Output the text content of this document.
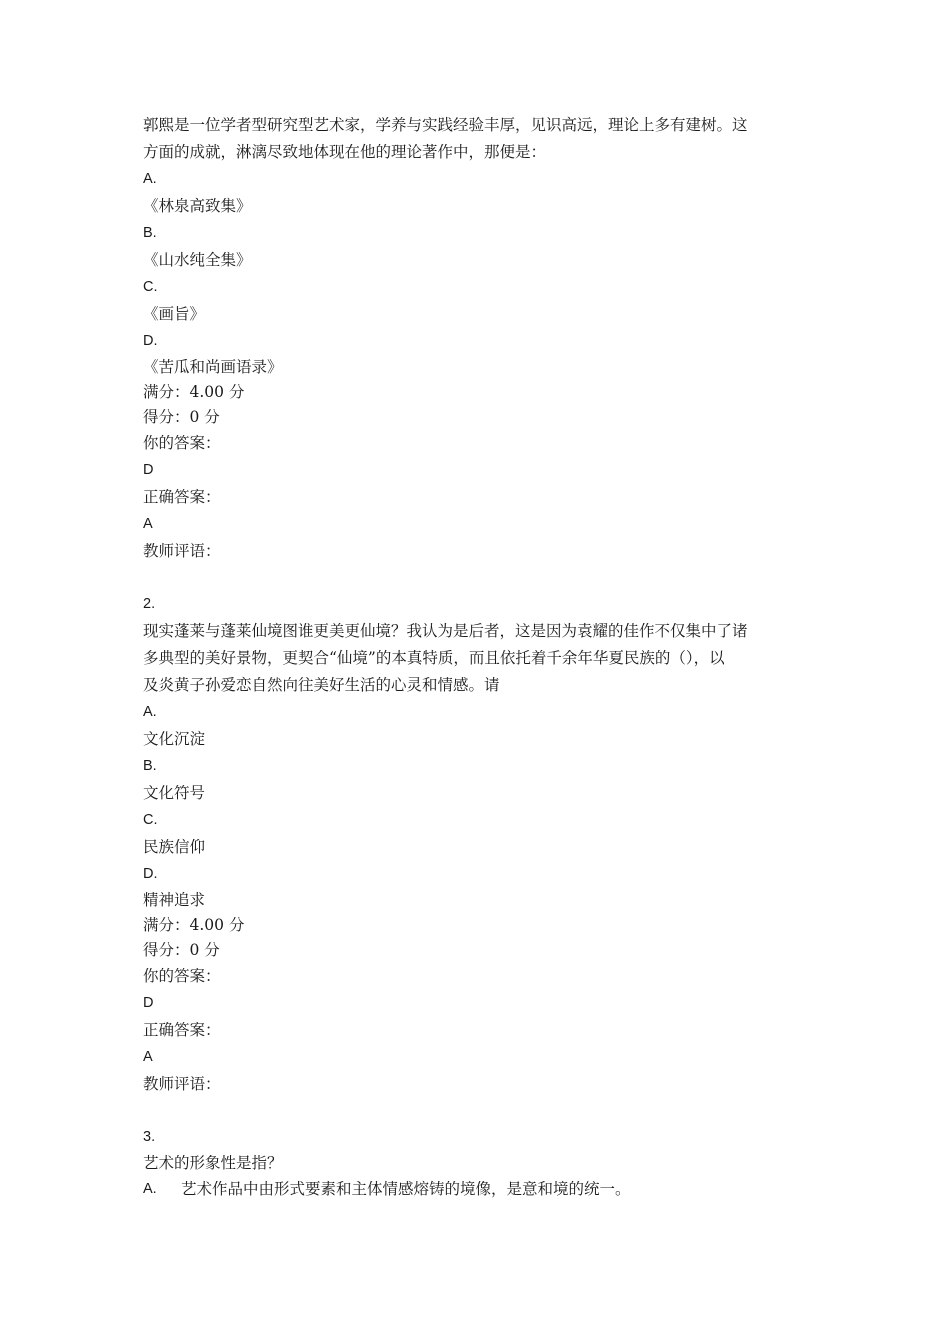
郭熙是一位学者型研究型艺术家，学养与实践经验丰厚，见识高远，理论上多有建树。这
方面的成就，淋漓尽致地体现在他的理论著作中，那便是：
A.
《林泉高致集》
B.
《山水纯全集》
C.
《画旨》
D.
《苦瓜和尚画语录》
满分：4.00 分
得分：0 分
你的答案：
D
正确答案：
A
教师评语：
2.
现实蓬莱与蓬莱仙境图谁更美更仙境？我认为是后者，这是因为袁耀的佳作不仅集中了诸
多典型的美好景物，更契合“仙境”的本真特质，而且依托着千余年华夏民族的（），以
及炎黄子孙爱恋自然向往美好生活的心灵和情感。请
A.
文化沉淀
B.
文化符号
C.
民族信仰
D.
精神追求
满分：4.00 分
得分：0 分
你的答案：
D
正确答案：
A
教师评语：
3.
艺术的形象性是指？
A.	艺术作品中由形式要素和主体情感熔铸的境像，是意和境的统一。
